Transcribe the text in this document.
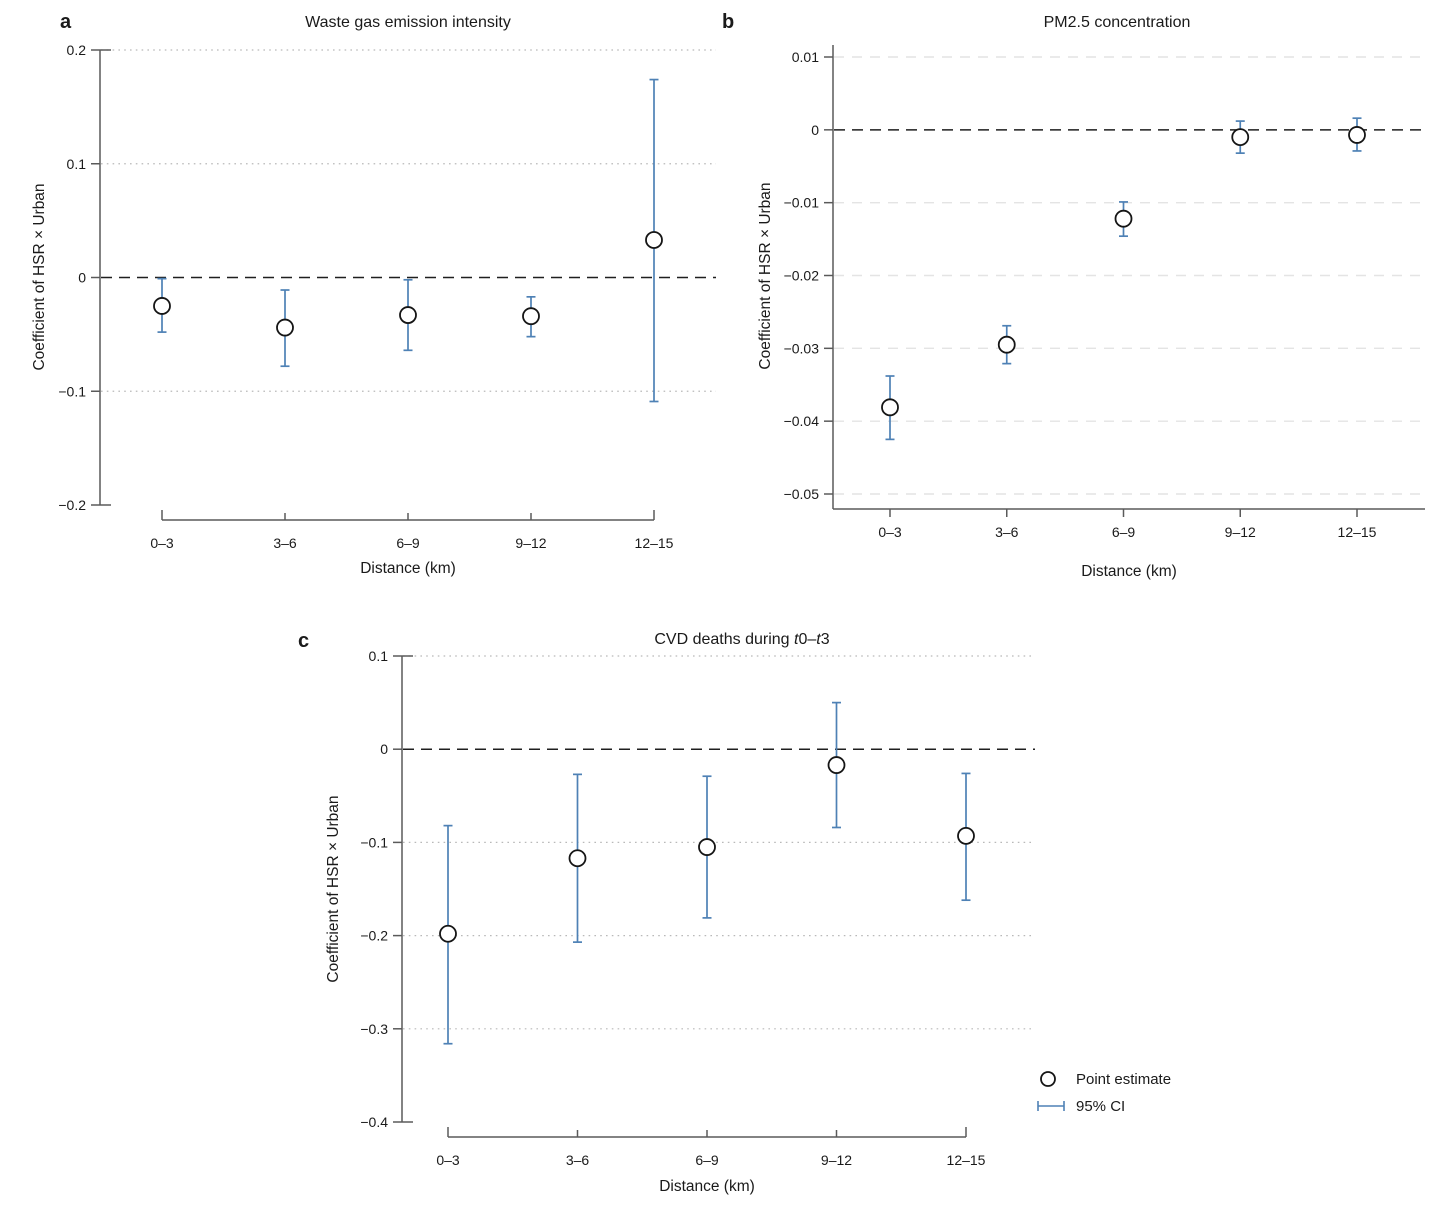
0.2
0.1
0
−0.1
−0.2
0–3	3–6	6–9	9–12	12–15
Waste gas emission intensity
a
Distance (km)
Coefficient of HSR × Urban
0.01
0
−0.01
−0.02
−0.03
−0.04
−0.05
0–3	3–6	6–9	9–12	12–15
PM2.5 concentration
b
Distance (km)
Coefficient of HSR × Urban
0.1
0
−0.1
−0.2
−0.3
−0.4
0–3	3–6	6–9	9–12	12–15
CVD deaths during t0–t3
c
Distance (km)
Coefficient of HSR × Urban
Point estimate
95% CI
